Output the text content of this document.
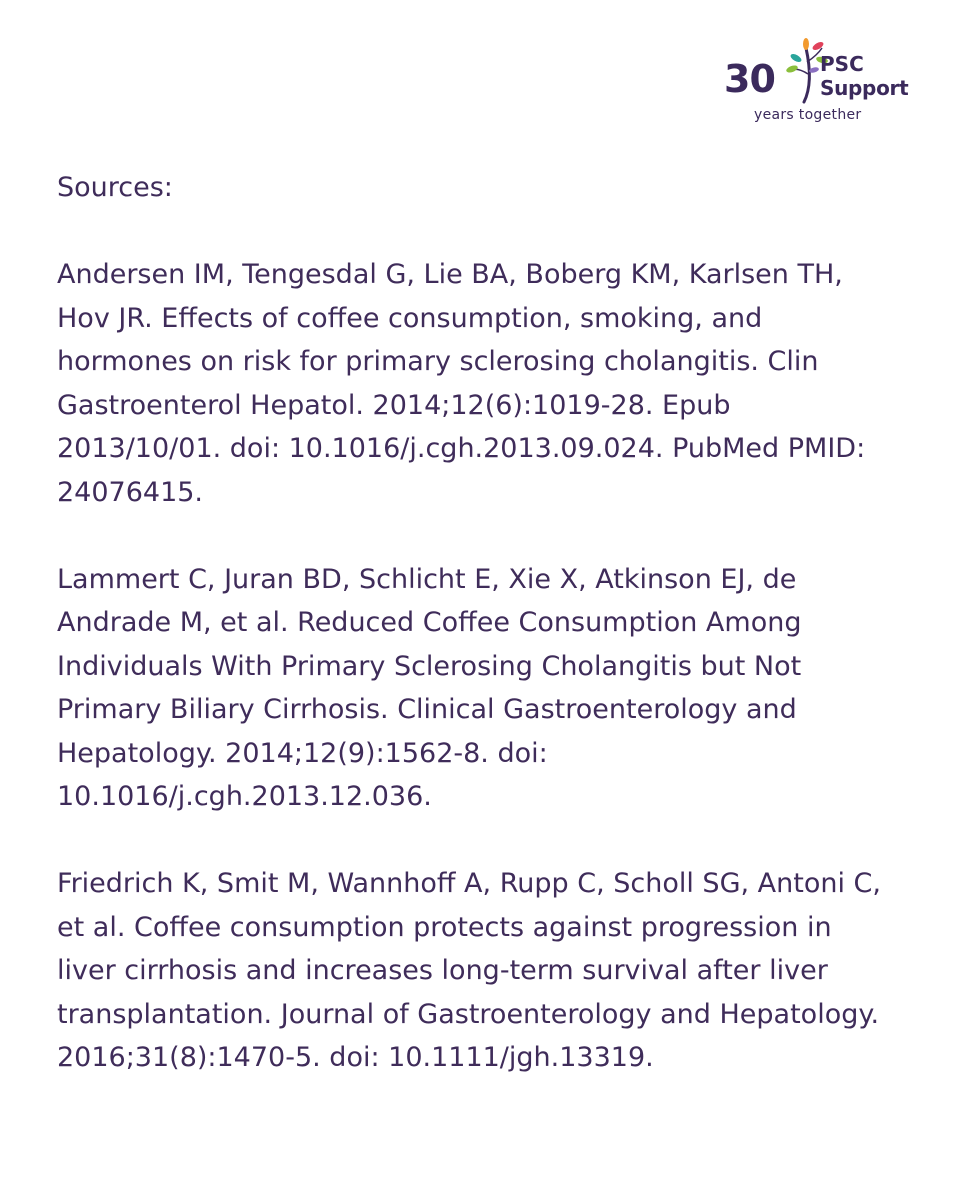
30 PSC
Support
years together
Sources:

Andersen IM, Tengesdal G, Lie BA, Boberg KM, Karlsen TH, Hov JR. Effects of coffee consumption, smoking, and hormones on risk for primary sclerosing cholangitis. Clin Gastroenterol Hepatol. 2014;12(6):1019-28. Epub 2013/10/01. doi: 10.1016/j.cgh.2013.09.024. PubMed PMID: 24076415.

Lammert C, Juran BD, Schlicht E, Xie X, Atkinson EJ, de Andrade M, et al. Reduced Coffee Consumption Among Individuals With Primary Sclerosing Cholangitis but Not Primary Biliary Cirrhosis. Clinical Gastroenterology and Hepatology. 2014;12(9):1562-8. doi: 10.1016/j.cgh.2013.12.036.

Friedrich K, Smit M, Wannhoff A, Rupp C, Scholl SG, Antoni C, et al. Coffee consumption protects against progression in liver cirrhosis and increases long-term survival after liver transplantation. Journal of Gastroenterology and Hepatology. 2016;31(8):1470-5. doi: 10.1111/jgh.13319.
